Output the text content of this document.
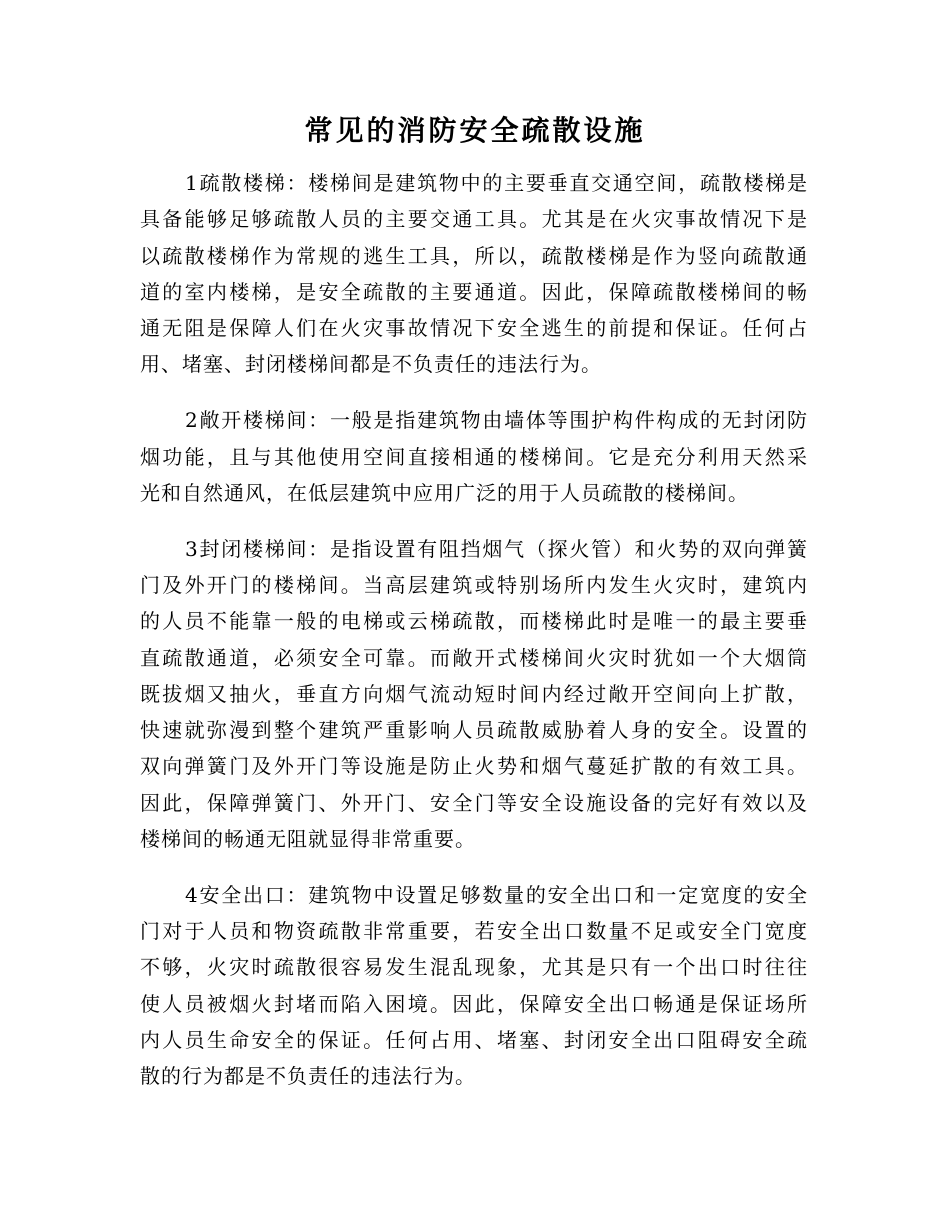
常见的消防安全疏散设施
1疏散楼梯：楼梯间是建筑物中的主要垂直交通空间，疏散楼梯是
具备能够足够疏散人员的主要交通工具。尤其是在火灾事故情况下是
以疏散楼梯作为常规的逃生工具，所以，疏散楼梯是作为竖向疏散通
道的室内楼梯，是安全疏散的主要通道。因此，保障疏散楼梯间的畅
通无阻是保障人们在火灾事故情况下安全逃生的前提和保证。任何占
用、堵塞、封闭楼梯间都是不负责任的违法行为。
2敞开楼梯间：一般是指建筑物由墙体等围护构件构成的无封闭防
烟功能，且与其他使用空间直接相通的楼梯间。它是充分利用天然采
光和自然通风，在低层建筑中应用广泛的用于人员疏散的楼梯间。
3封闭楼梯间：是指设置有阻挡烟气（探火管）和火势的双向弹簧
门及外开门的楼梯间。当高层建筑或特别场所内发生火灾时，建筑内
的人员不能靠一般的电梯或云梯疏散，而楼梯此时是唯一的最主要垂
直疏散通道，必须安全可靠。而敞开式楼梯间火灾时犹如一个大烟筒
既拔烟又抽火，垂直方向烟气流动短时间内经过敞开空间向上扩散，
快速就弥漫到整个建筑严重影响人员疏散威胁着人身的安全。设置的
双向弹簧门及外开门等设施是防止火势和烟气蔓延扩散的有效工具。
因此，保障弹簧门、外开门、安全门等安全设施设备的完好有效以及
楼梯间的畅通无阻就显得非常重要。
4安全出口：建筑物中设置足够数量的安全出口和一定宽度的安全
门对于人员和物资疏散非常重要，若安全出口数量不足或安全门宽度
不够，火灾时疏散很容易发生混乱现象，尤其是只有一个出口时往往
使人员被烟火封堵而陷入困境。因此，保障安全出口畅通是保证场所
内人员生命安全的保证。任何占用、堵塞、封闭安全出口阻碍安全疏
散的行为都是不负责任的违法行为。
